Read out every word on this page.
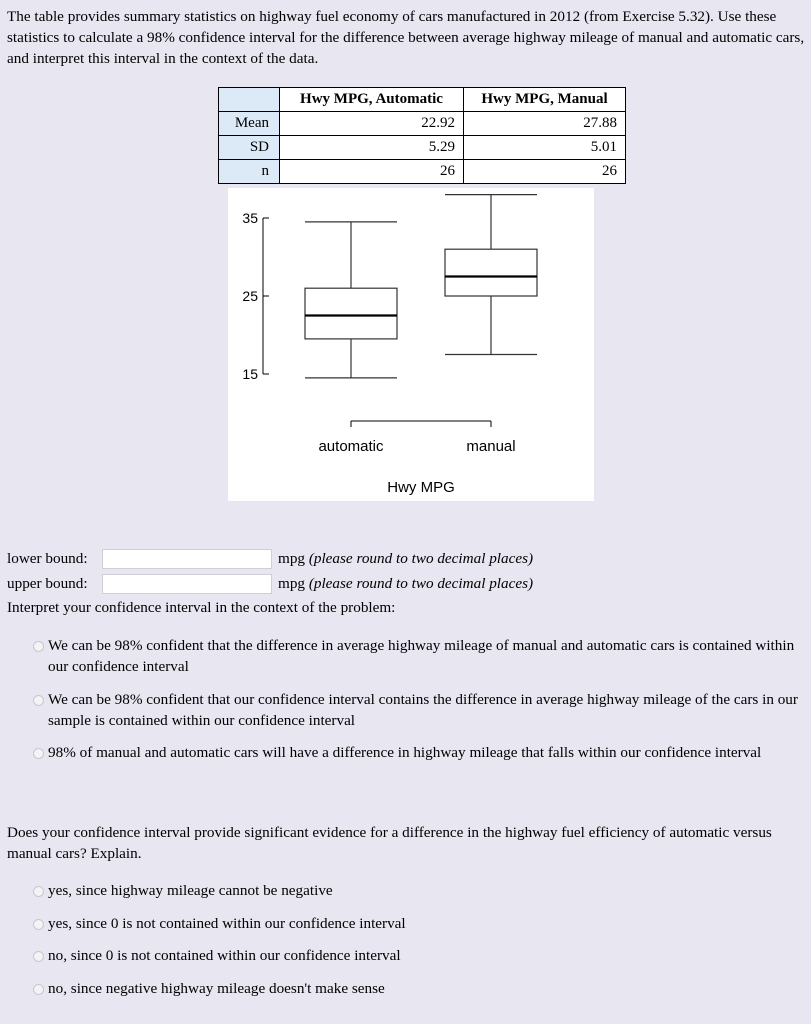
The table provides summary statistics on highway fuel economy of cars manufactured in 2012 (from Exercise 5.32). Use these statistics to calculate a 98% confidence interval for the difference between average highway mileage of manual and automatic cars, and interpret this interval in the context of the data.
	Hwy MPG, Automatic	Hwy MPG, Manual
Mean	22.92	27.88
SD	5.29	5.01
n	26	26
15
25
35
automatic	manual
Hwy MPG
lower bound:	mpg (please round to two decimal places)
upper bound:	mpg (please round to two decimal places)
Interpret your confidence interval in the context of the problem:
We can be 98% confident that the difference in average highway mileage of manual and automatic cars is contained within our confidence interval
We can be 98% confident that our confidence interval contains the difference in average highway mileage of the cars in our sample is contained within our confidence interval
98% of manual and automatic cars will have a difference in highway mileage that falls within our confidence interval
Does your confidence interval provide significant evidence for a difference in the highway fuel efficiency of automatic versus manual cars? Explain.
yes, since highway mileage cannot be negative
yes, since 0 is not contained within our confidence interval
no, since 0 is not contained within our confidence interval
no, since negative highway mileage doesn't make sense
